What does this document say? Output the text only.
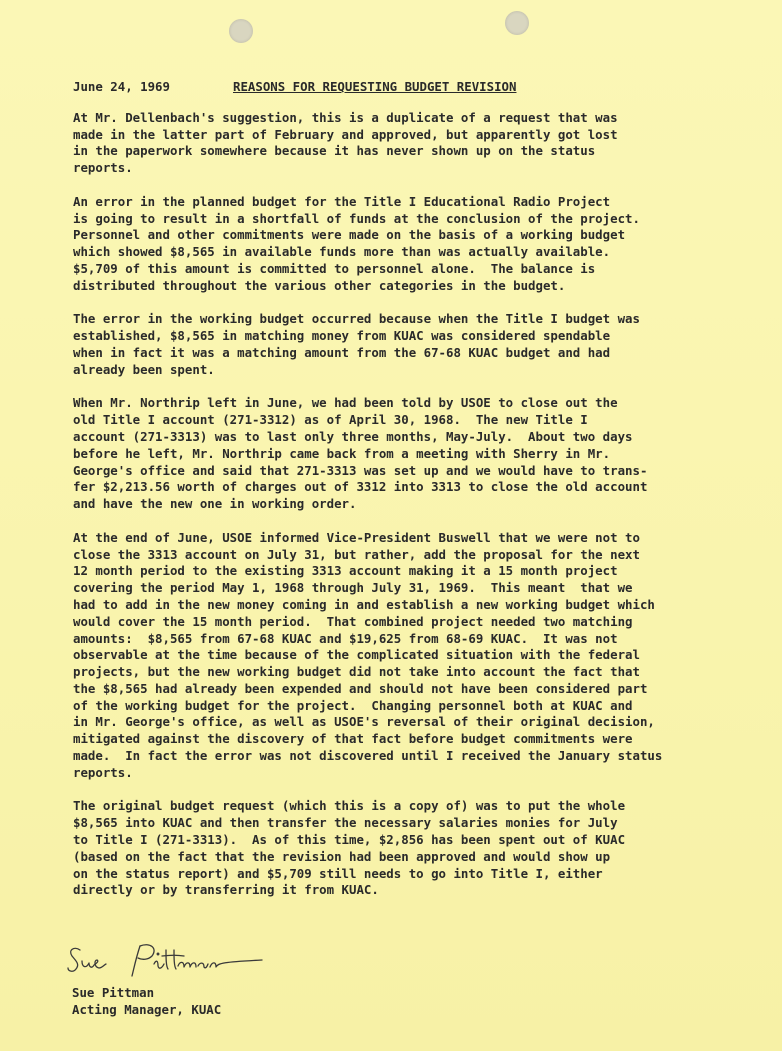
June 24, 1969	REASONS FOR REQUESTING BUDGET REVISION

At Mr. Dellenbach's suggestion, this is a duplicate of a request that was
made in the latter part of February and approved, but apparently got lost
in the paperwork somewhere because it has never shown up on the status
reports.

An error in the planned budget for the Title I Educational Radio Project
is going to result in a shortfall of funds at the conclusion of the project.
Personnel and other commitments were made on the basis of a working budget
which showed $8,565 in available funds more than was actually available.
$5,709 of this amount is committed to personnel alone.  The balance is
distributed throughout the various other categories in the budget.

The error in the working budget occurred because when the Title I budget was
established, $8,565 in matching money from KUAC was considered spendable
when in fact it was a matching amount from the 67-68 KUAC budget and had
already been spent.

When Mr. Northrip left in June, we had been told by USOE to close out the
old Title I account (271-3312) as of April 30, 1968.  The new Title I
account (271-3313) was to last only three months, May-July.  About two days
before he left, Mr. Northrip came back from a meeting with Sherry in Mr.
George's office and said that 271-3313 was set up and we would have to trans-
fer $2,213.56 worth of charges out of 3312 into 3313 to close the old account
and have the new one in working order.

At the end of June, USOE informed Vice-President Buswell that we were not to
close the 3313 account on July 31, but rather, add the proposal for the next
12 month period to the existing 3313 account making it a 15 month project
covering the period May 1, 1968 through July 31, 1969.  This meant  that we
had to add in the new money coming in and establish a new working budget which
would cover the 15 month period.  That combined project needed two matching
amounts:  $8,565 from 67-68 KUAC and $19,625 from 68-69 KUAC.  It was not
observable at the time because of the complicated situation with the federal
projects, but the new working budget did not take into account the fact that
the $8,565 had already been expended and should not have been considered part
of the working budget for the project.  Changing personnel both at KUAC and
in Mr. George's office, as well as USOE's reversal of their original decision,
mitigated against the discovery of that fact before budget commitments were
made.  In fact the error was not discovered until I received the January status
reports.

The original budget request (which this is a copy of) was to put the whole
$8,565 into KUAC and then transfer the necessary salaries monies for July
to Title I (271-3313).  As of this time, $2,856 has been spent out of KUAC
(based on the fact that the revision had been approved and would show up
on the status report) and $5,709 still needs to go into Title I, either
directly or by transferring it from KUAC.

Sue Pittman
Acting Manager, KUAC
